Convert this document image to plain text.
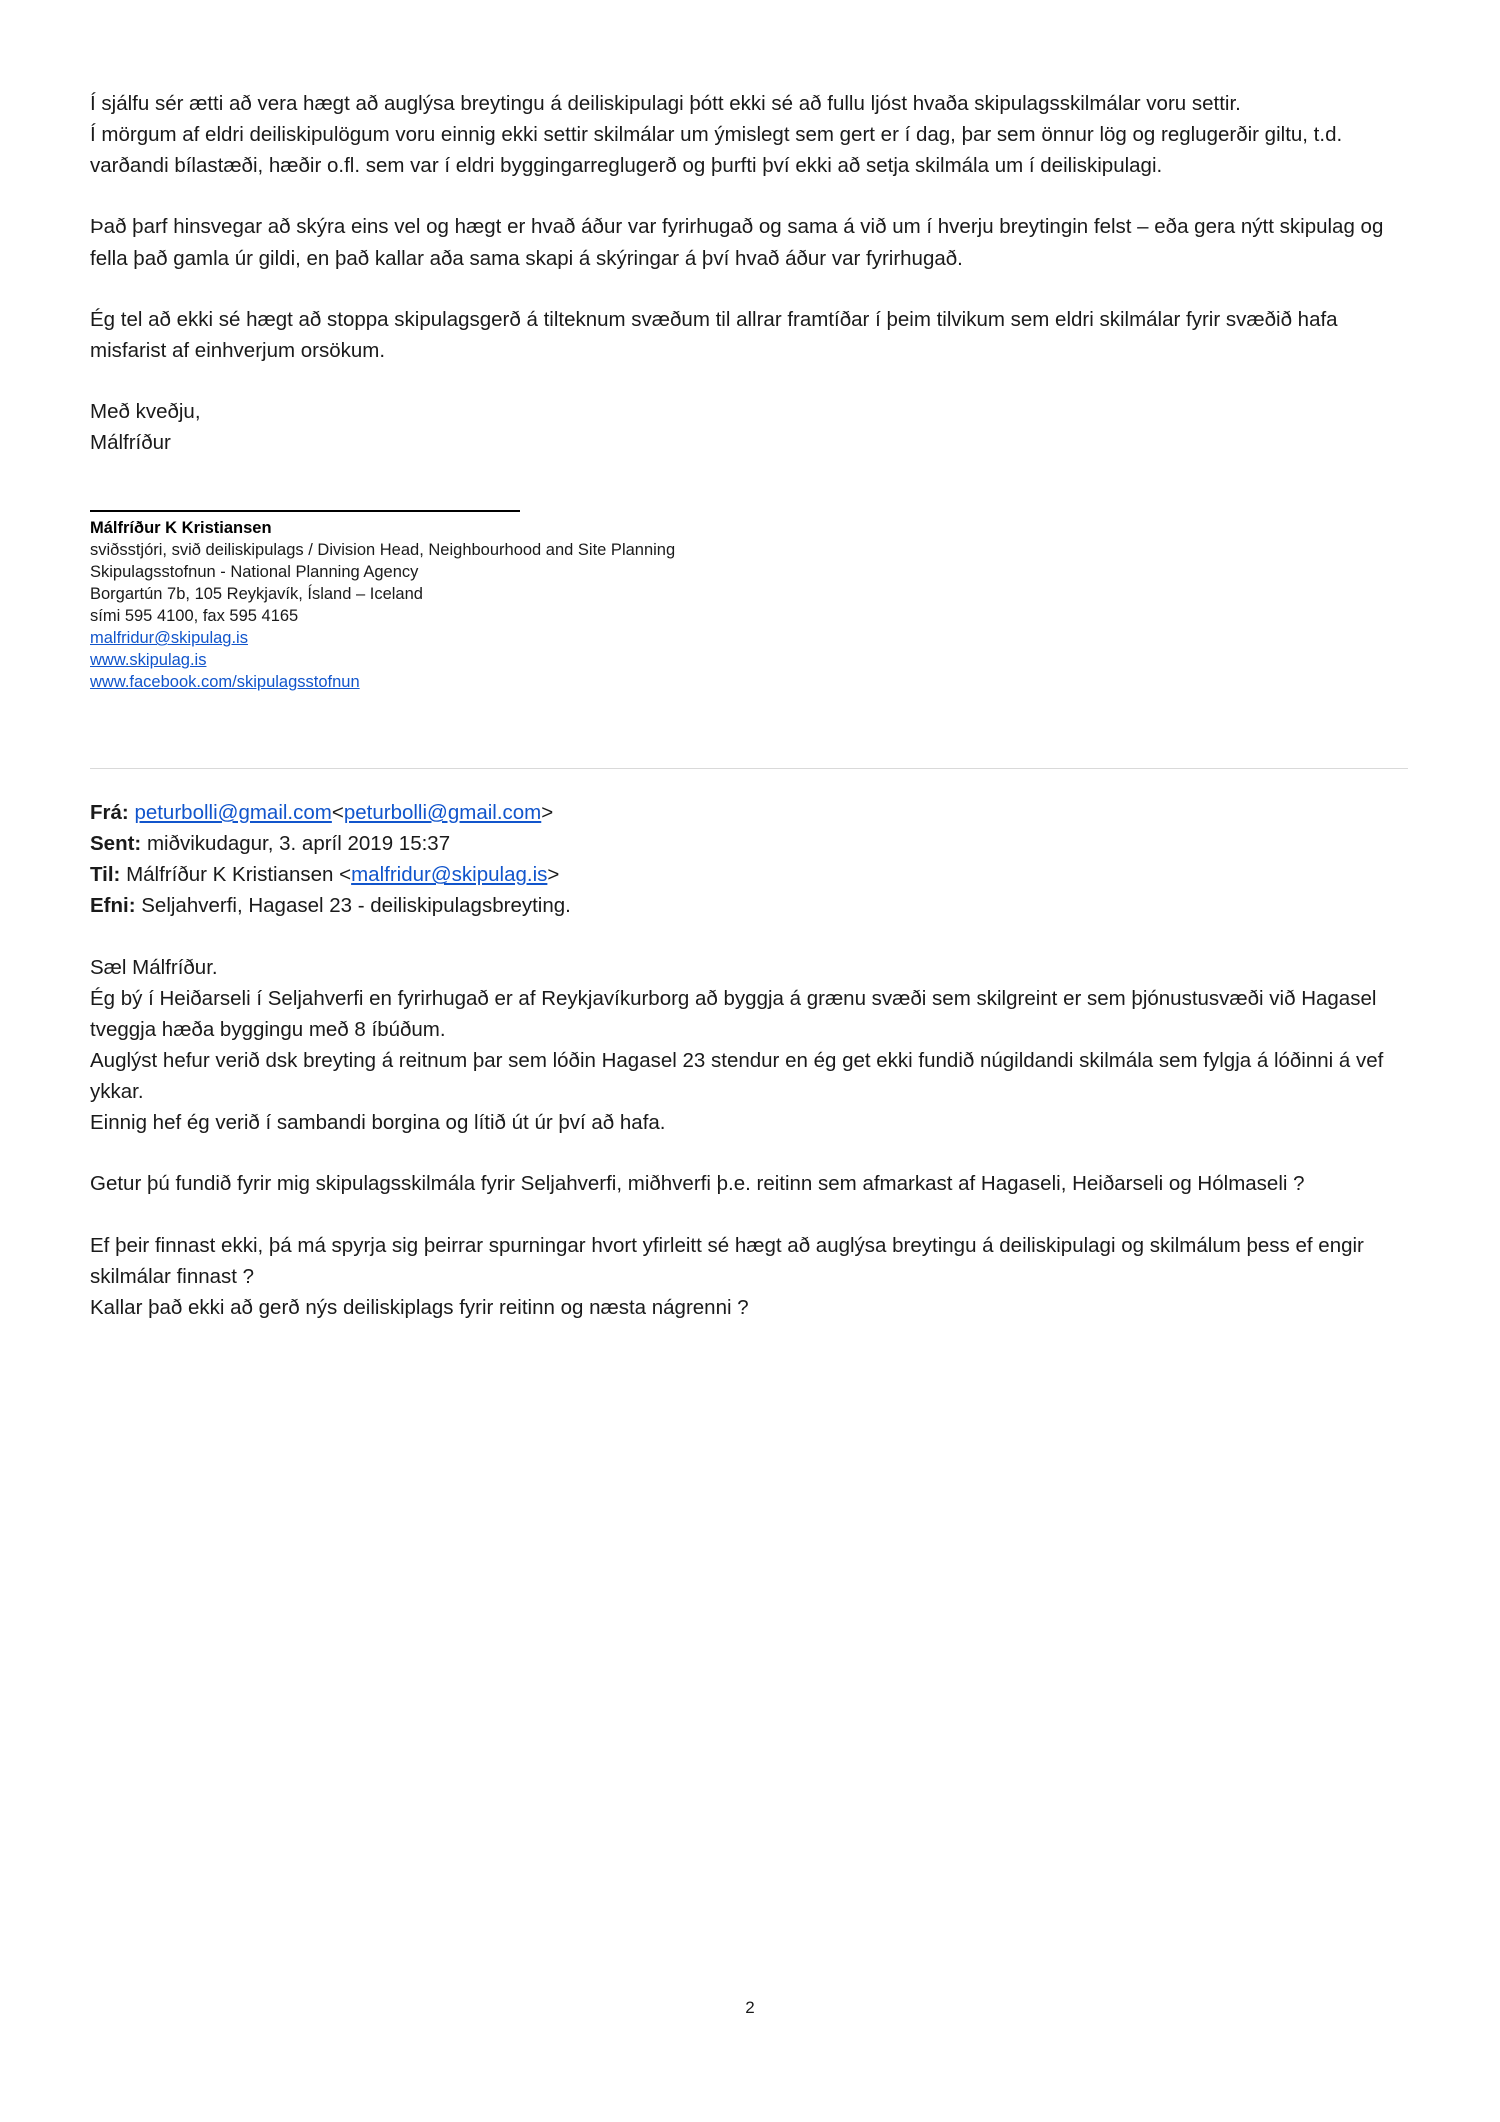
Í sjálfu sér ætti að vera hægt að auglýsa breytingu á deiliskipulagi þótt ekki sé að fullu ljóst hvaða skipulagsskilmálar voru settir.

Í mörgum af eldri deiliskipulögum voru einnig ekki settir skilmálar um ýmislegt sem gert er í dag, þar sem önnur lög og reglugerðir giltu, t.d. varðandi bílastæði, hæðir o.fl. sem var í eldri byggingarreglugerð og þurfti því ekki að setja skilmála um í deiliskipulagi.

Það þarf hinsvegar að skýra eins vel og hægt er hvað áður var fyrirhugað og sama á við um í hverju breytingin felst – eða gera nýtt skipulag og fella það gamla úr gildi, en það kallar aða sama skapi á skýringar á því hvað áður var fyrirhugað.

Ég tel að ekki sé hægt að stoppa skipulagsgerð á tilteknum svæðum til allrar framtíðar í þeim tilvikum sem eldri skilmálar fyrir svæðið hafa misfarist af einhverjum orsökum.

Með kveðju,

Málfríður

Málfríður K Kristiansen
sviðsstjóri, svið deiliskipulags / Division Head, Neighbourhood and Site Planning
Skipulagsstofnun - National Planning Agency
Borgartún 7b, 105 Reykjavík, Ísland – Iceland
sími 595 4100, fax 595 4165
malfridur@skipulag.is
www.skipulag.is
www.facebook.com/skipulagsstofnun
Frá: peturbolli@gmail.com<peturbolli@gmail.com>
Sent: miðvikudagur, 3. apríl 2019 15:37
Til: Málfríður K Kristiansen <malfridur@skipulag.is>
Efni: Seljahverfi, Hagasel 23 - deiliskipulagsbreyting.

Sæl Málfríður.

Ég bý í Heiðarseli í Seljahverfi en fyrirhugað er af Reykjavíkurborg að byggja á grænu svæði sem skilgreint er sem þjónustusvæði við Hagasel tveggja hæða byggingu með 8 íbúðum.

Auglýst hefur verið dsk breyting á reitnum þar sem lóðin Hagasel 23 stendur en ég get ekki fundið núgildandi skilmála sem fylgja á lóðinni á vef ykkar.

Einnig hef ég verið í sambandi borgina og lítið út úr því að hafa.

Getur þú fundið fyrir mig skipulagsskilmála fyrir Seljahverfi, miðhverfi þ.e. reitinn sem afmarkast af Hagaseli, Heiðarseli og Hólmaseli ?

Ef þeir finnast ekki, þá má spyrja sig þeirrar spurningar hvort yfirleitt sé hægt að auglýsa breytingu á deiliskipulagi og skilmálum þess ef engir skilmálar finnast ?

Kallar það ekki að gerð nýs deiliskiplags fyrir reitinn og næsta nágrenni ?

2
